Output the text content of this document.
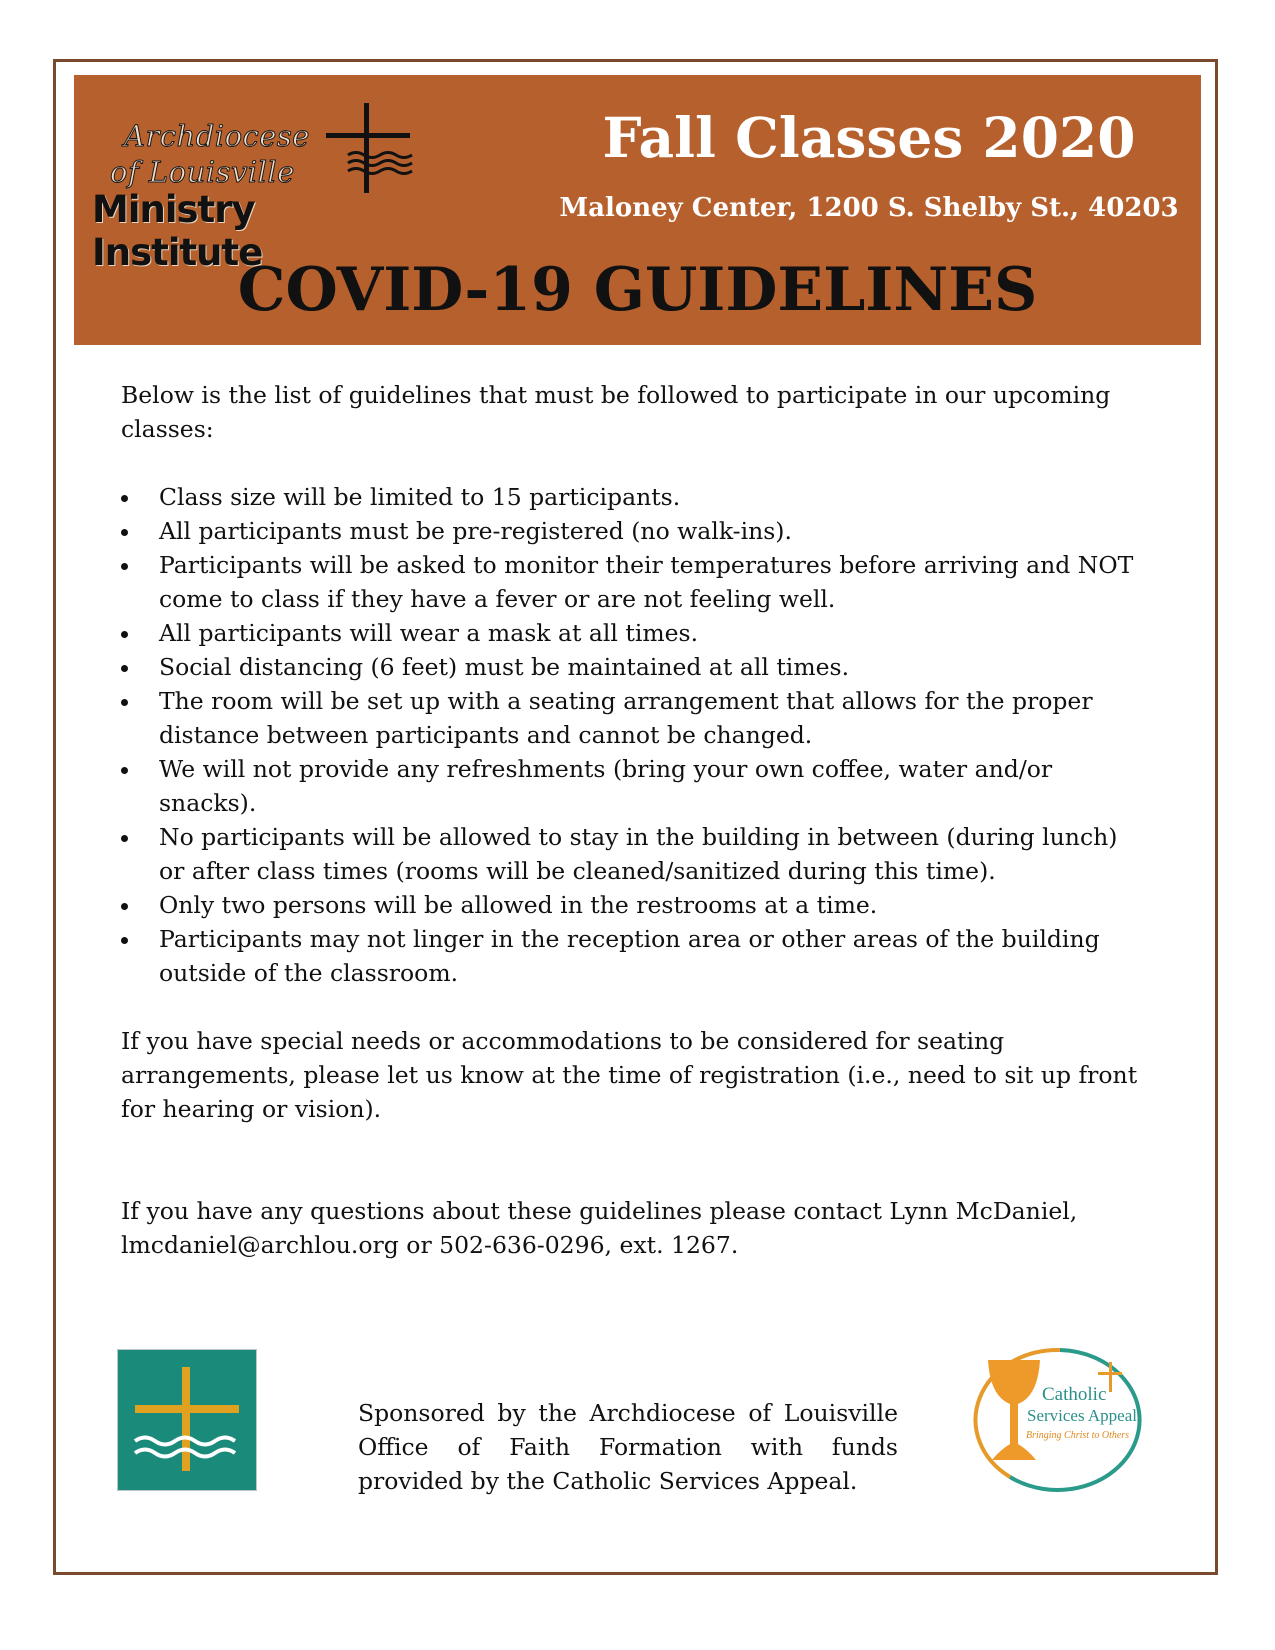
Archdiocese
of Louisville
Ministry Institute
Fall Classes 2020
Maloney Center, 1200 S. Shelby St., 40203
COVID-19 GUIDELINES

Below is the list of guidelines that must be followed to participate in our upcoming classes:

Class size will be limited to 15 participants.
All participants must be pre-registered (no walk-ins).
Participants will be asked to monitor their temperatures before arriving and NOT come to class if they have a fever or are not feeling well.
All participants will wear a mask at all times.
Social distancing (6 feet) must be maintained at all times.
The room will be set up with a seating arrangement that allows for the proper distance between participants and cannot be changed.
We will not provide any refreshments (bring your own coffee, water and/or snacks).
No participants will be allowed to stay in the building in between (during lunch) or after class times (rooms will be cleaned/sanitized during this time).
Only two persons will be allowed in the restrooms at a time.
Participants may not linger in the reception area or other areas of the building outside of the classroom.

If you have special needs or accommodations to be considered for seating arrangements, please let us know at the time of registration (i.e., need to sit up front for hearing or vision).

If you have any questions about these guidelines please contact Lynn McDaniel, lmcdaniel@archlou.org or 502-636-0296, ext. 1267.

Sponsored by the Archdiocese of Louisville Office of Faith Formation with funds provided by the Catholic Services Appeal.

Catholic
Services Appeal
Bringing Christ to Others
